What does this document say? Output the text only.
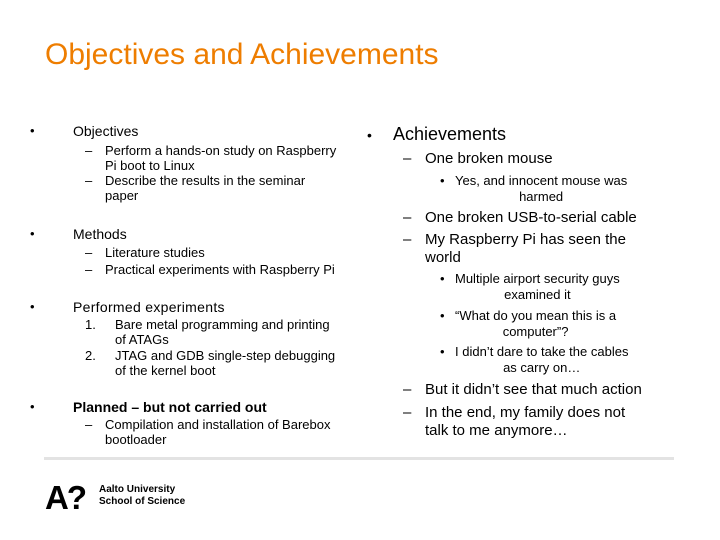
Objectives and Achievements
•	Objectives
– Perform a hands-on study on Raspberry
Pi boot to Linux
– Describe the results in the seminar
paper
•	Methods
– Literature studies
– Practical experiments with Raspberry Pi
•	Performed experiments
1. Bare metal programming and printing
of ATAGs
2. JTAG and GDB single-step debugging
of the kernel boot
•	Planned – but not carried out
– Compilation and installation of Barebox
bootloader
• Achievements
– One broken mouse
• Yes, and innocent mouse was
harmed
– One broken USB-to-serial cable
– My Raspberry Pi has seen the
world
• Multiple airport security guys
examined it
• “What do you mean this is a
computer”?
• I didn’t dare to take the cables
as carry on…
– But it didn’t see that much action
– In the end, my family does not
talk to me anymore…
A? Aalto University
School of Science
